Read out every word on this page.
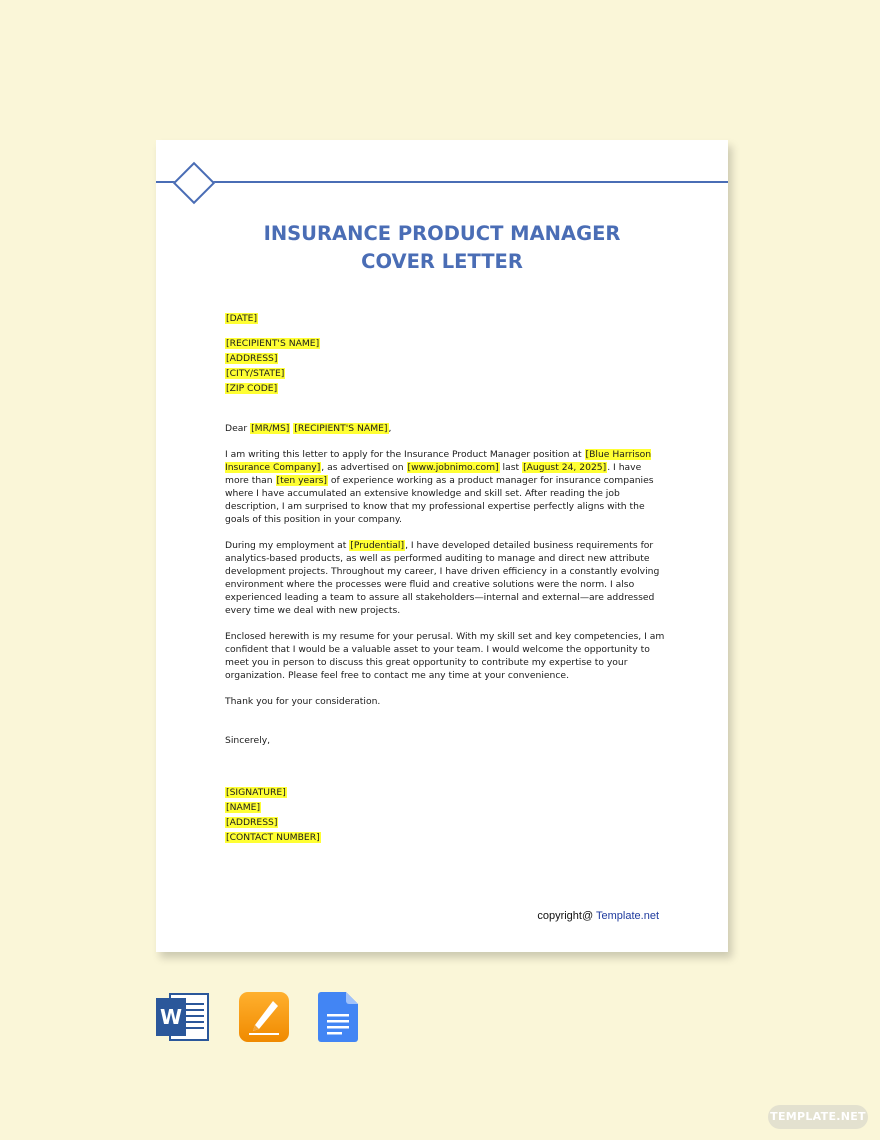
INSURANCE PRODUCT MANAGER
COVER LETTER

[DATE]

[RECIPIENT'S NAME]

[ADDRESS]

[CITY/STATE]

[ZIP CODE]

Dear [MR/MS] [RECIPIENT'S NAME],

I am writing this letter to apply for the Insurance Product Manager position at [Blue Harrison Insurance Company], as advertised on [www.jobnimo.com] last [August 24, 2025]. I have more than [ten years] of experience working as a product manager for insurance companies where I have accumulated an extensive knowledge and skill set. After reading the job description, I am surprised to know that my professional expertise perfectly aligns with the goals of this position in your company.

During my employment at [Prudential], I have developed detailed business requirements for analytics-based products, as well as performed auditing to manage and direct new attribute development projects. Throughout my career, I have driven efficiency in a constantly evolving environment where the processes were fluid and creative solutions were the norm. I also experienced leading a team to assure all stakeholders—internal and external—are addressed every time we deal with new projects.

Enclosed herewith is my resume for your perusal. With my skill set and key competencies, I am confident that I would be a valuable asset to your team. I would welcome the opportunity to meet you in person to discuss this great opportunity to contribute my expertise to your organization. Please feel free to contact me any time at your convenience.

Thank you for your consideration.

Sincerely,

[SIGNATURE]

[NAME]

[ADDRESS]

[CONTACT NUMBER]

copyright@ Template.net
W
TEMPLATE.NET
